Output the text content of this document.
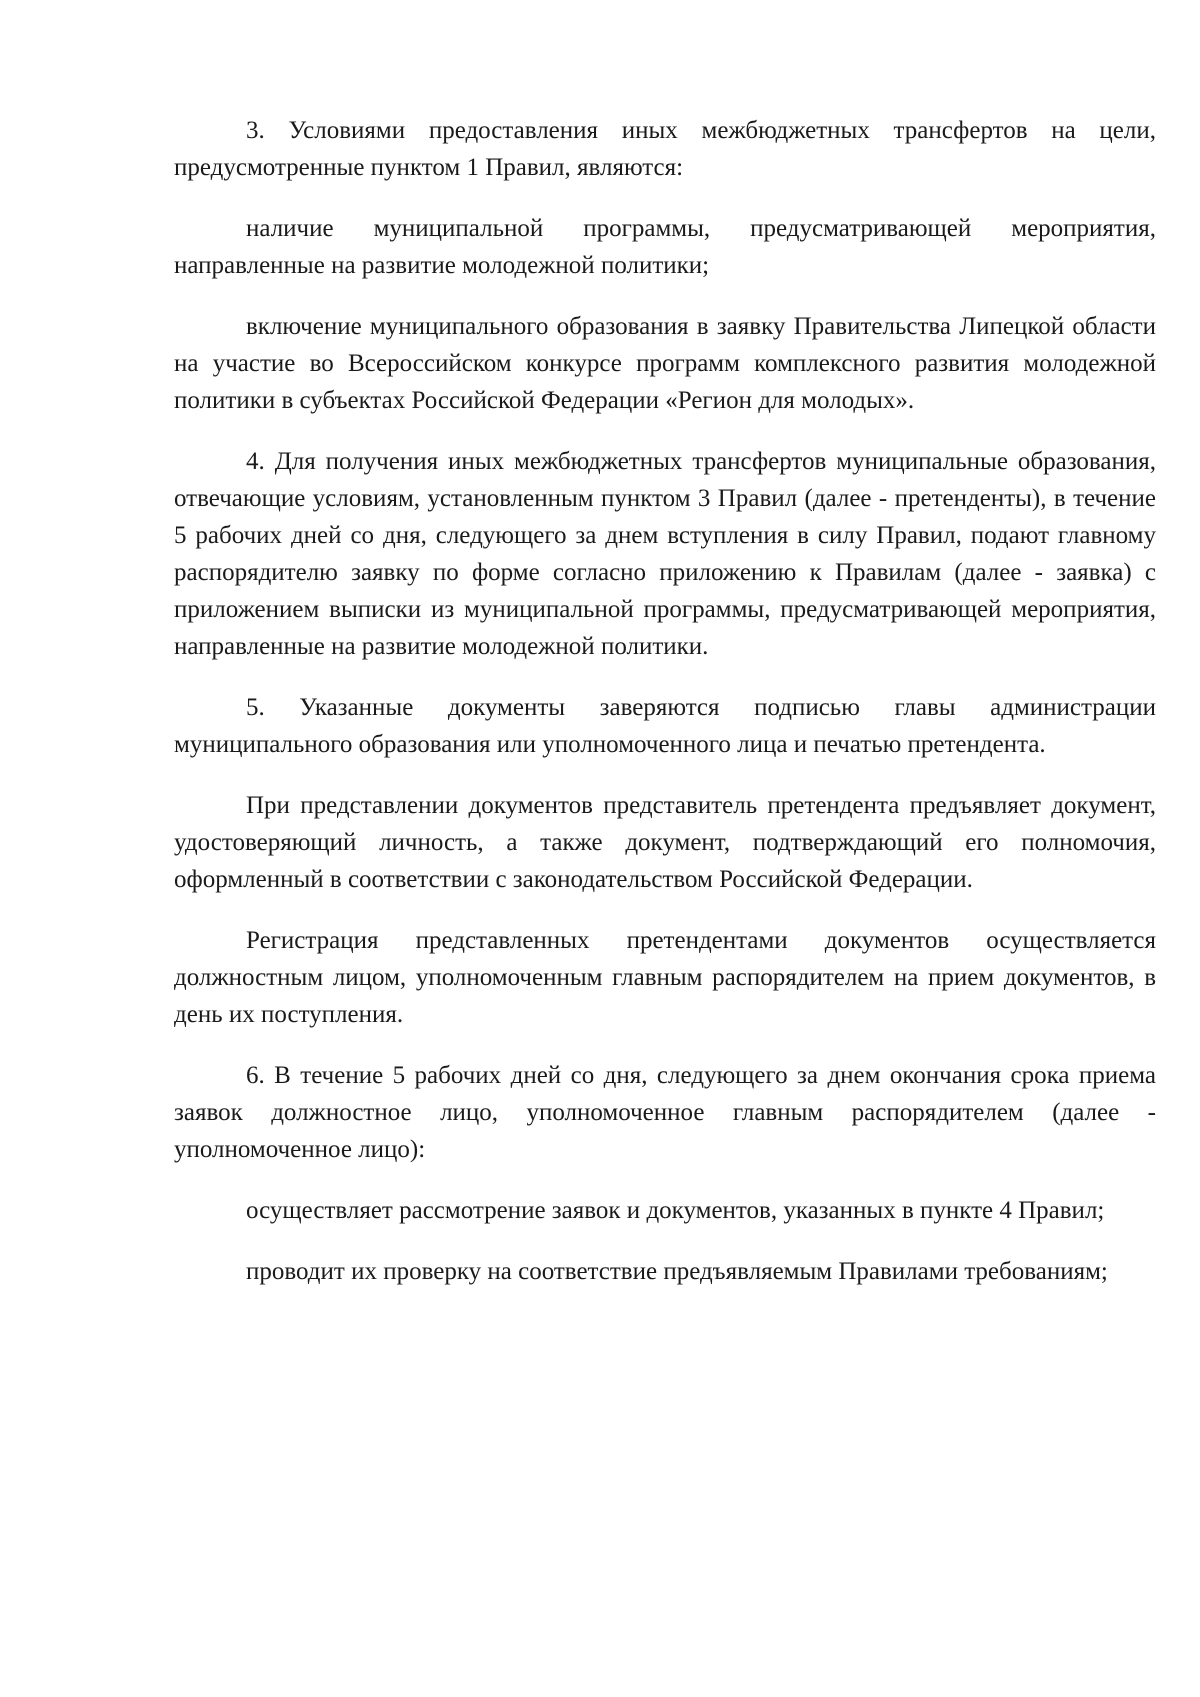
3. Условиями предоставления иных межбюджетных трансфертов на цели, предусмотренные пунктом 1 Правил, являются:

наличие муниципальной программы, предусматривающей мероприятия, направленные на развитие молодежной политики;

включение муниципального образования в заявку Правительства Липецкой области на участие во Всероссийском конкурсе программ комплексного развития молодежной политики в субъектах Российской Федерации «Регион для молодых».

4. Для получения иных межбюджетных трансфертов муниципальные образования, отвечающие условиям, установленным пунктом 3 Правил (далее - претенденты), в течение 5 рабочих дней со дня, следующего за днем вступления в силу Правил, подают главному распорядителю заявку по форме согласно приложению к Правилам (далее - заявка) с приложением выписки из муниципальной программы, предусматривающей мероприятия, направленные на развитие молодежной политики.

5. Указанные документы заверяются подписью главы администрации муниципального образования или уполномоченного лица и печатью претендента.

При представлении документов представитель претендента предъявляет документ, удостоверяющий личность, а также документ, подтверждающий его полномочия, оформленный в соответствии с законодательством Российской Федерации.

Регистрация представленных претендентами документов осуществляется должностным лицом, уполномоченным главным распорядителем на прием документов, в день их поступления.

6. В течение 5 рабочих дней со дня, следующего за днем окончания срока приема заявок должностное лицо, уполномоченное главным распорядителем (далее - уполномоченное лицо):

осуществляет рассмотрение заявок и документов, указанных в пункте 4 Правил;

проводит их проверку на соответствие предъявляемым Правилами требованиям;
